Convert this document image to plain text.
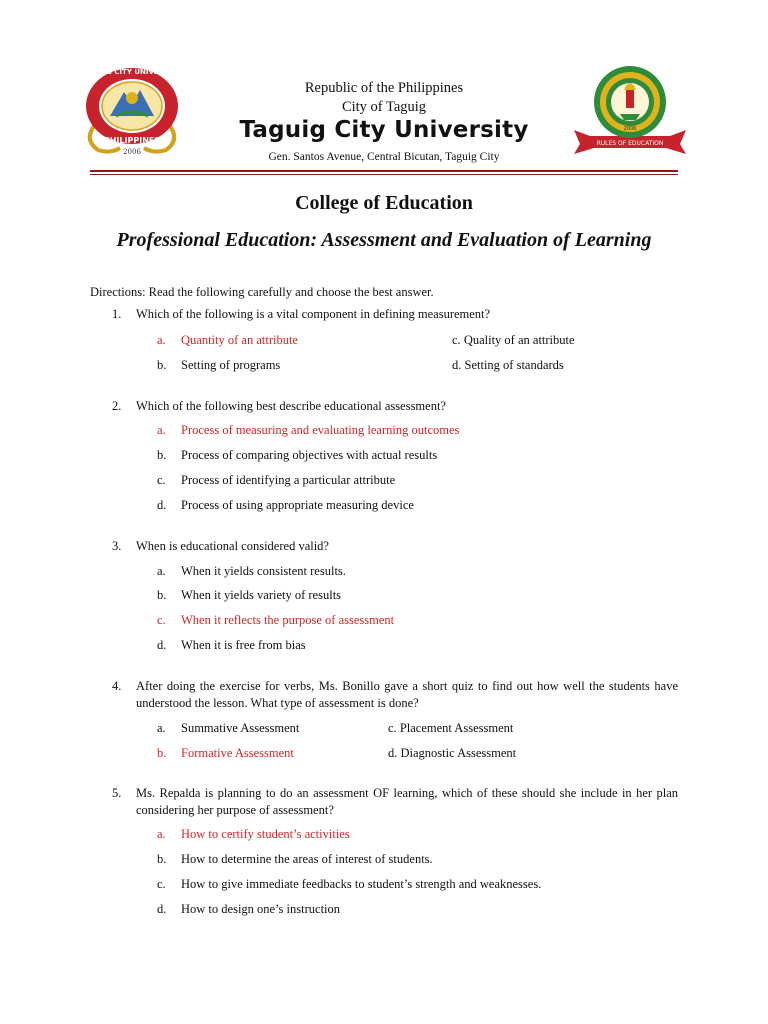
TAGUIG CITY UNIVERSITY
PHILIPPINES
2006
RULES OF EDUCATION
2006
Republic of the Philippines
City of Taguig
Taguig City University
Gen. Santos Avenue, Central Bicutan, Taguig City
College of Education
Professional Education: Assessment and Evaluation of Learning
Directions: Read the following carefully and choose the best answer.
1.	Which of the following is a vital component in defining measurement?
a. Quantity of an attribute
b. Setting of programs
c. Quality of an attribute
d. Setting of standards
2.	Which of the following best describe educational assessment?
a. Process of measuring and evaluating learning outcomes
b. Process of comparing objectives with actual results
c. Process of identifying a particular attribute
d. Process of using appropriate measuring device
3.	When is educational considered valid?
a. When it yields consistent results.
b. When it yields variety of results
c. When it reflects the purpose of assessment
d. When it is free from bias
4.	After doing the exercise for verbs, Ms. Bonillo gave a short quiz to find out how well the students have understood the lesson. What type of assessment is done?
a. Summative Assessment
b. Formative Assessment
c. Placement Assessment
d. Diagnostic Assessment
5.	Ms. Repalda is planning to do an assessment OF learning, which of these should she include in her plan considering her purpose of assessment?
a. How to certify student’s activities
b. How to determine the areas of interest of students.
c. How to give immediate feedbacks to student’s strength and weaknesses.
d. How to design one’s instruction
